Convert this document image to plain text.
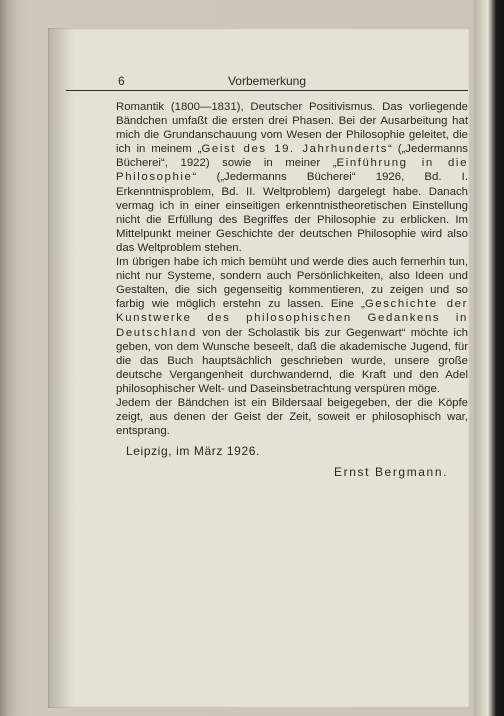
6	Vorbemerkung

Romantik (1800—1831), Deutscher Positivismus. Das vorliegende Bändchen umfaßt die ersten drei Phasen. Bei der Ausarbeitung hat mich die Grundanschauung vom Wesen der Philosophie geleitet, die ich in meinem „Geist des 19. Jahrhunderts“ („Jedermanns Bücherei“, 1922) sowie in meiner „Einführung in die Philosophie“ („Jedermanns Bücherei“ 1926, Bd. I. Erkenntnisproblem, Bd. II. Weltproblem) dargelegt habe. Danach vermag ich in einer einseitigen erkenntnistheoretischen Einstellung nicht die Erfüllung des Begriffes der Philosophie zu erblicken. Im Mittelpunkt meiner Geschichte der deutschen Philosophie wird also das Weltproblem stehen.

Im übrigen habe ich mich bemüht und werde dies auch fernerhin tun, nicht nur Systeme, sondern auch Persönlichkeiten, also Ideen und Gestalten, die sich gegenseitig kommentieren, zu zeigen und so farbig wie möglich erstehn zu lassen. Eine „Geschichte der Kunstwerke des philosophischen Gedankens in Deutschland von der Scholastik bis zur Gegenwart“ möchte ich geben, von dem Wunsche beseelt, daß die akademische Jugend, für die das Buch hauptsächlich geschrieben wurde, unsere große deutsche Vergangenheit durchwandernd, die Kraft und den Adel philosophischer Welt- und Daseinsbetrachtung verspüren möge.

Jedem der Bändchen ist ein Bildersaal beigegeben, der die Köpfe zeigt, aus denen der Geist der Zeit, soweit er philosophisch war, entsprang.

Leipzig, im März 1926.
Ernst Bergmann.
